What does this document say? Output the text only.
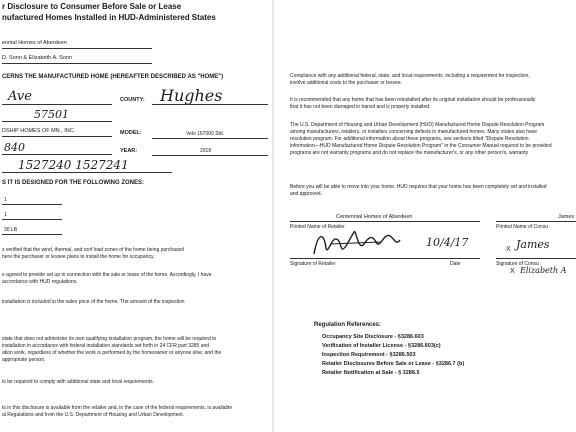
r Disclosure to Consumer Before Sale or Lease
nufactured Homes Installed in HUD-Administered States
ennial Homes of Aberdeen
D. Sonn & Elizabeth A. Sonn
CERNS THE MANUFACTURED HOME (HEREAFTER DESCRIBED AS "HOME")
Ave	COUNTY: Hughes
57501
DSHIP HOMES OF MN., INC.	MODEL:	Velo 167000 Std.
840	YEAR:	2018
1527240 1527241
S IT IS DESIGNED FOR THE FOLLOWING ZONES:
1
1
30 LB
s verified that the wind, thermal, and roof load zones of the home being purchased
here the purchaser or lessee plans to install the home for occupancy.
e agreed to provide set up in connection with the sale or lease of the home. Accordingly, I have
accordance with HUD regulations.
installation is included in the sales price of the home. The amount of the inspection
state that does not administer its own qualifying installation program, the home will be required to
installation in accordance with federal installation standards set forth in 24 CFR part 3285 and
ation work, regardless of whether the work is performed by the homeowner or anyone else; and the
appropriate person.
ts be required to comply with additional state and local requirements.
ts in this disclosure is available from the retailer and, in the case of the federal requirements, is available
al Regulations and from the U.S. Department of Housing and Urban Development.
Compliance with any additional federal, state, and local requirements, including a requirement for inspection,
involve additional costs to the purchaser or lessee.
It is recommended that any home that has been reinstalled after its original installation should be professionally
that it has not been damaged in transit and is properly installed.
The U.S. Department of Housing and Urban Development (HUD) Manufactured Home Dispute Resolution Program
among manufacturers, retailers, or installers concerning defects in manufactured homes. Many states also have
resolution program. For additional information about these programs, see sections titled "Dispute Resolution
information—HUD Manufactured Home Dispute Resolution Program" in the Consumer Manual required to be provided
programs are not warranty programs and do not replace the manufacturer's, or any other person's, warranty
Before you will be able to move into your home, HUD requires that your home has been completely set and installed
and approved.
Centennial Homes of Aberdeen
Printed Name of Retailer
James
Printed Name of Consu
10/4/17
Signature of Retailer	Date
X James
Signature of Consu
X Elizabeth A
Regulation References:
Occupancy Site Disclosure - §3286.603
Verification of Installer License - §3286.603(c)
Inspection Requirement - §3286.503
Retailer Disclosures Before Sale or Lease - §3286.7 (b)
Retailer Notification at Sale - § 3288.5
